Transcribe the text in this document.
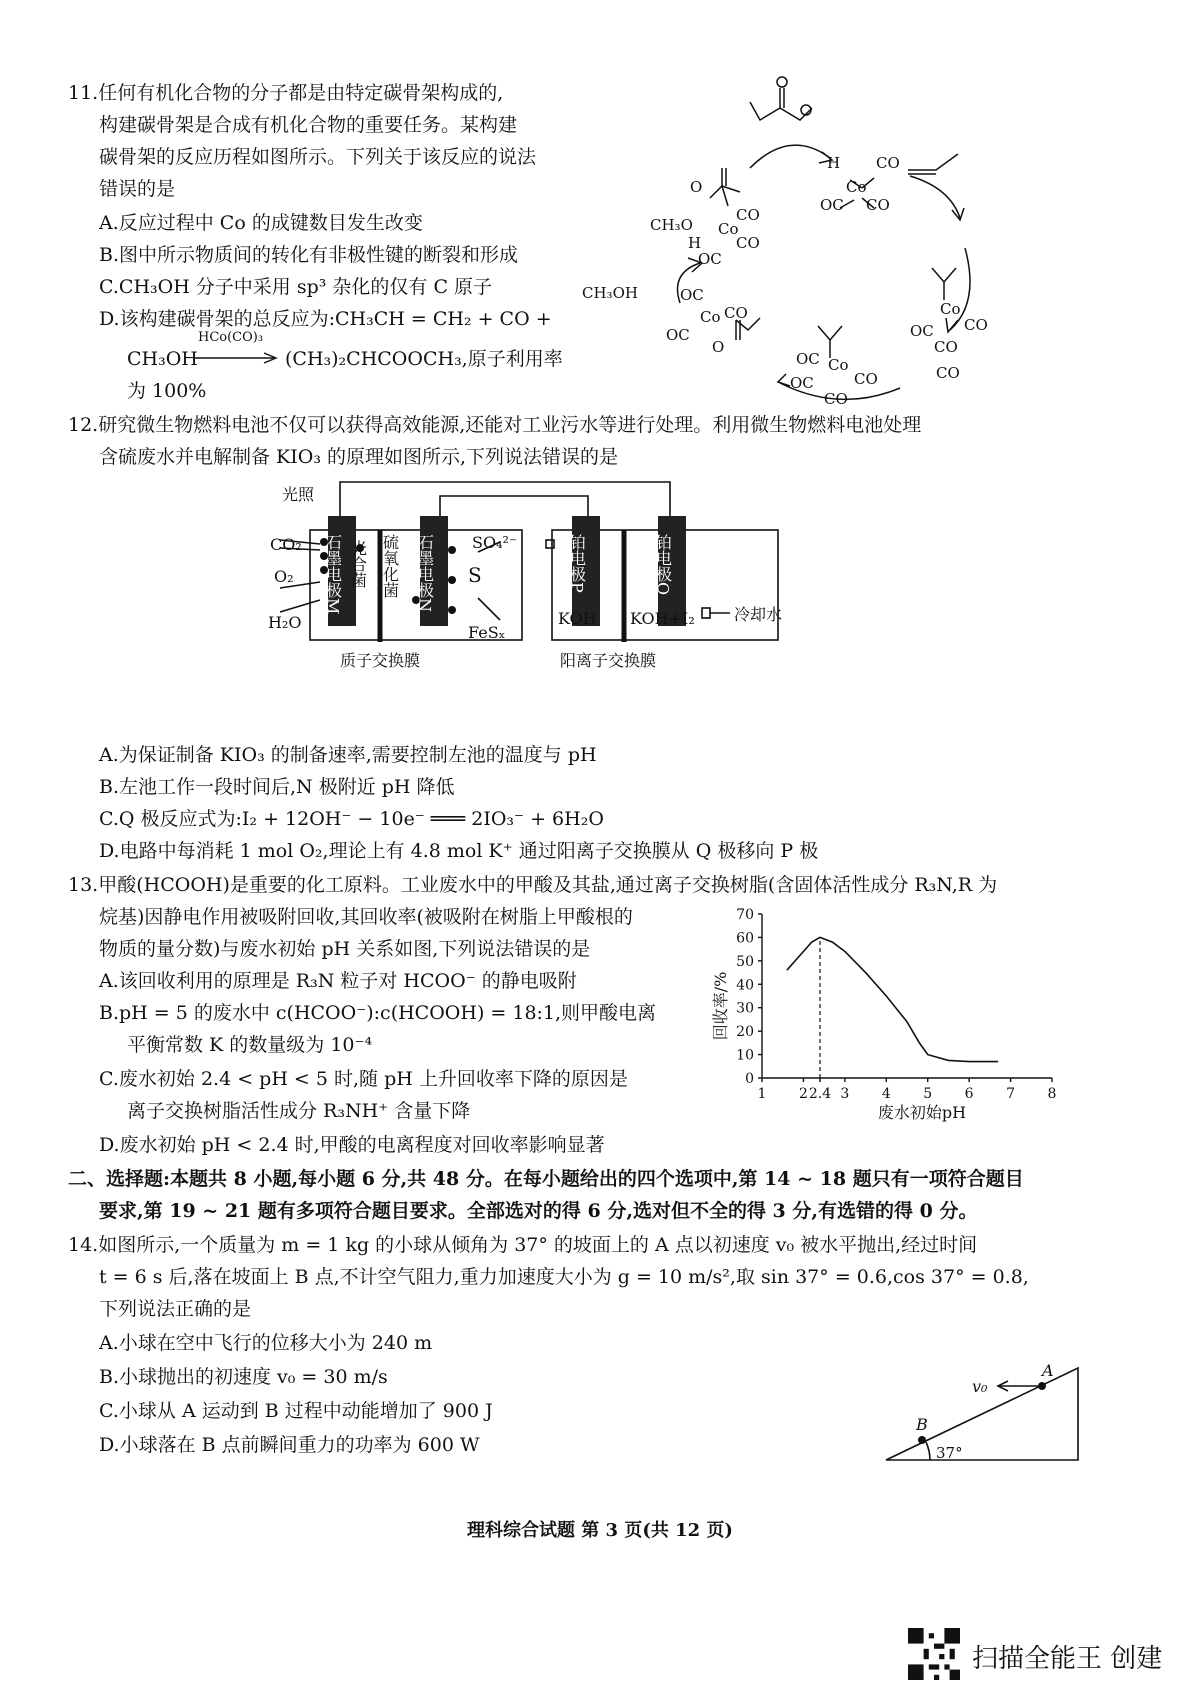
11.任何有机化合物的分子都是由特定碳骨架构成的,
构建碳骨架是合成有机化合物的重要任务。某构建
碳骨架的反应历程如图所示。下列关于该反应的说法
错误的是
A.反应过程中 Co 的成键数目发生改变
B.图中所示物质间的转化有非极性键的断裂和形成
C.CH₃OH 分子中采用 sp³ 杂化的仅有 C 原子
D.该构建碳骨架的总反应为:CH₃CH = CH₂ + CO +
CH₃OH
HCo(CO)₃
(CH₃)₂CHCOOCH₃,原子利用率
为 100%
H CO
Co
OC CO
O
CH₃O Co
CO
CO
H
OC
CH₃OH	OC
Co CO
OC
O
Co
OC CO
CO
Co
OC
OC	CO
CO
CO
12.研究微生物燃料电池不仅可以获得高效能源,还能对工业污水等进行处理。利用微生物燃料电池处理
含硫废水并电解制备 KIO₃ 的原理如图所示,下列说法错误的是
石墨电极M	石墨电极N	铂电极P	铂电极Q
光照
CO₂
O₂
H₂O
光合菌 硫氧化菌	SO₄²⁻
S
FeSₓ
KOH KOH+I₂ 冷却水
质子交换膜	阳离子交换膜
A.为保证制备 KIO₃ 的制备速率,需要控制左池的温度与 pH
B.左池工作一段时间后,N 极附近 pH 降低
C.Q 极反应式为:I₂ + 12OH⁻ − 10e⁻ ═══ 2IO₃⁻ + 6H₂O
D.电路中每消耗 1 mol O₂,理论上有 4.8 mol K⁺ 通过阳离子交换膜从 Q 极移向 P 极
13.甲酸(HCOOH)是重要的化工原料。工业废水中的甲酸及其盐,通过离子交换树脂(含固体活性成分 R₃N,R 为
烷基)因静电作用被吸附回收,其回收率(被吸附在树脂上甲酸根的
物质的量分数)与废水初始 pH 关系如图,下列说法错误的是
A.该回收利用的原理是 R₃N 粒子对 HCOO⁻ 的静电吸附
B.pH = 5 的废水中 c(HCOO⁻):c(HCOOH) = 18:1,则甲酸电离
平衡常数 K 的数量级为 10⁻⁴
C.废水初始 2.4 < pH < 5 时,随 pH 上升回收率下降的原因是
离子交换树脂活性成分 R₃NH⁺ 含量下降
D.废水初始 pH < 2.4 时,甲酸的电离程度对回收率影响显著
0
10
20
30
40
50
60
70
1 2 2.4 3 4 5 6 7 8
回收率/%
废水初始pH
二、选择题:本题共 8 小题,每小题 6 分,共 48 分。在每小题给出的四个选项中,第 14 ~ 18 题只有一项符合题目
要求,第 19 ~ 21 题有多项符合题目要求。全部选对的得 6 分,选对但不全的得 3 分,有选错的得 0 分。
14.如图所示,一个质量为 m = 1 kg 的小球从倾角为 37° 的坡面上的 A 点以初速度 v₀ 被水平抛出,经过时间
t = 6 s 后,落在坡面上 B 点,不计空气阻力,重力加速度大小为 g = 10 m/s²,取 sin 37° = 0.6,cos 37° = 0.8,
下列说法正确的是
A.小球在空中飞行的位移大小为 240 m
B.小球抛出的初速度 v₀ = 30 m/s
C.小球从 A 运动到 B 过程中动能增加了 900 J
D.小球落在 B 点前瞬间重力的功率为 600 W
A
B
v₀
37°
理科综合试题 第 3 页(共 12 页)
扫描全能王 创建
